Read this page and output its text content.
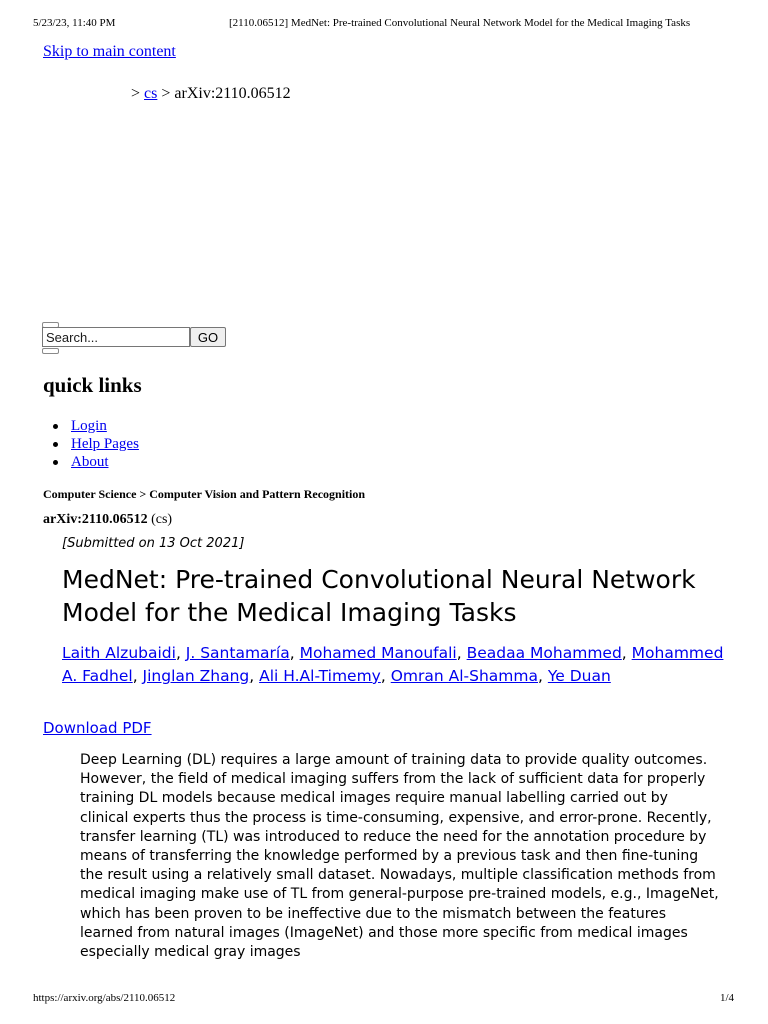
5/23/23, 11:40 PM	[2110.06512] MedNet: Pre-trained Convolutional Neural Network Model for the Medical Imaging Tasks
Skip to main content
> cs > arXiv:2110.06512
Search...
GO
quick links
Login
Help Pages
About
Computer Science > Computer Vision and Pattern Recognition
arXiv:2110.06512 (cs)
[Submitted on 13 Oct 2021]
MedNet: Pre-trained Convolutional Neural Network Model for the Medical Imaging Tasks
Laith Alzubaidi, J. Santamaría, Mohamed Manoufali, Beadaa Mohammed, Mohammed A. Fadhel, Jinglan Zhang, Ali H.Al-Timemy, Omran Al-Shamma, Ye Duan
Download PDF

Deep Learning (DL) requires a large amount of training data to provide quality outcomes. However, the field of medical imaging suffers from the lack of sufficient data for properly training DL models because medical images require manual labelling carried out by clinical experts thus the process is time-consuming, expensive, and error-prone. Recently, transfer learning (TL) was introduced to reduce the need for the annotation procedure by means of transferring the knowledge performed by a previous task and then fine-tuning the result using a relatively small dataset. Nowadays, multiple classification methods from medical imaging make use of TL from general-purpose pre-trained models, e.g., ImageNet, which has been proven to be ineffective due to the mismatch between the features learned from natural images (ImageNet) and those more specific from medical images especially medical gray images

https://arxiv.org/abs/2110.06512	1/4
